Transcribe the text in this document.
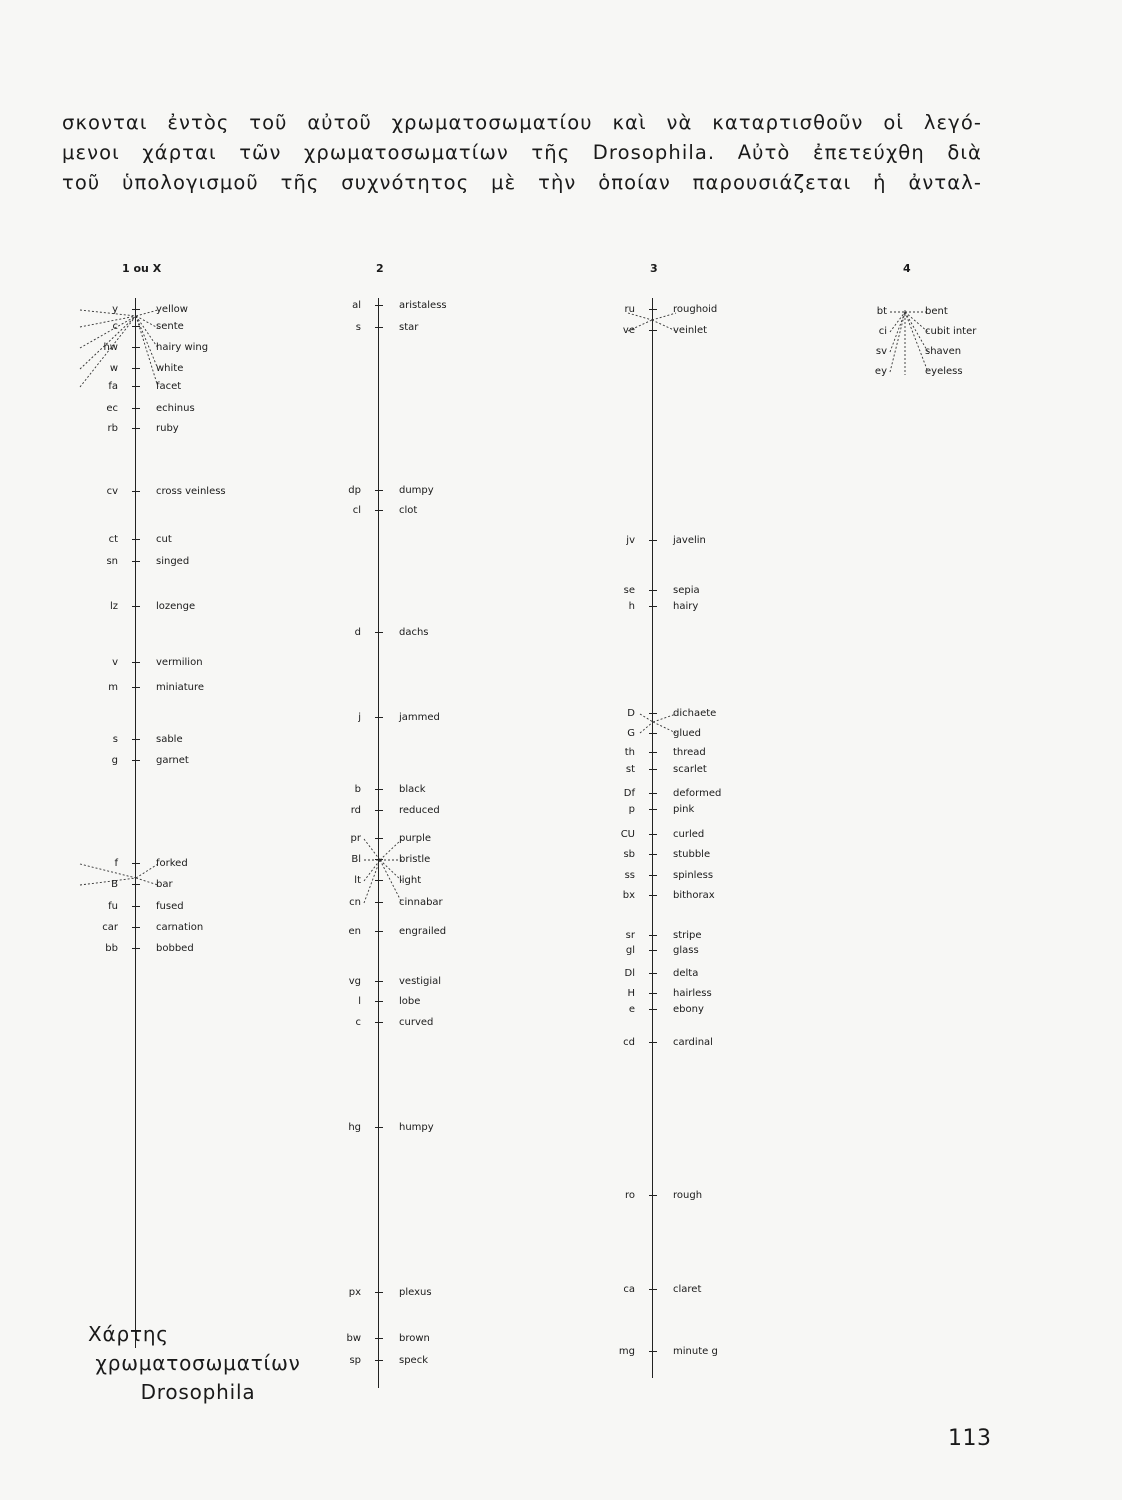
σκονται ἐντὸς τοῦ αὐτοῦ χρωματοσωματίου καὶ νὰ καταρτισθοῦν οἱ λεγό-
μενοι χάρται τῶν χρωματοσωματίων τῆς Drosophila. Αὐτὸ ἐπετεύχθη διὰ
τοῦ ὑπολογισμοῦ τῆς συχνότητος μὲ τὴν ὁποίαν παρουσιάζεται ἡ ἀνταλ-
1 ou X
y	yellow
c	sente
hw	hairy wing
w	white
fa	facet
ec	echinus
rb	ruby
cv	cross veinless
ct	cut
sn	singed
lz	lozenge
v	vermilion
m	miniature
s	sable
g	garnet
f	forked
B	bar
fu	fused
car	carnation
bb	bobbed
2
al	aristaless
s	star
dp	dumpy
cl	clot
d	dachs
j	jammed
b	black
rd	reduced
pr	purple
Bl	bristle
lt	light
cn	cinnabar
en	engrailed
vg	vestigial
l	lobe
c	curved
hg	humpy
px	plexus
bw	brown
sp	speck
3
ru	roughoid
ve	veinlet
jv	javelin
se	sepia
h	hairy
D	dichaete
G	glued
th	thread
st	scarlet
Df	deformed
p	pink
CU	curled
sb	stubble
ss	spinless
bx	bithorax
sr	stripe
gl	glass
Dl	delta
H	hairless
e	ebony
cd	cardinal
ro	rough
ca	claret
mg	minute g
4
bt	bent
ci	cubit inter
sv	shaven
ey	eyeless
Χάρτης
χρωματοσωματίων
Drosophila
113
